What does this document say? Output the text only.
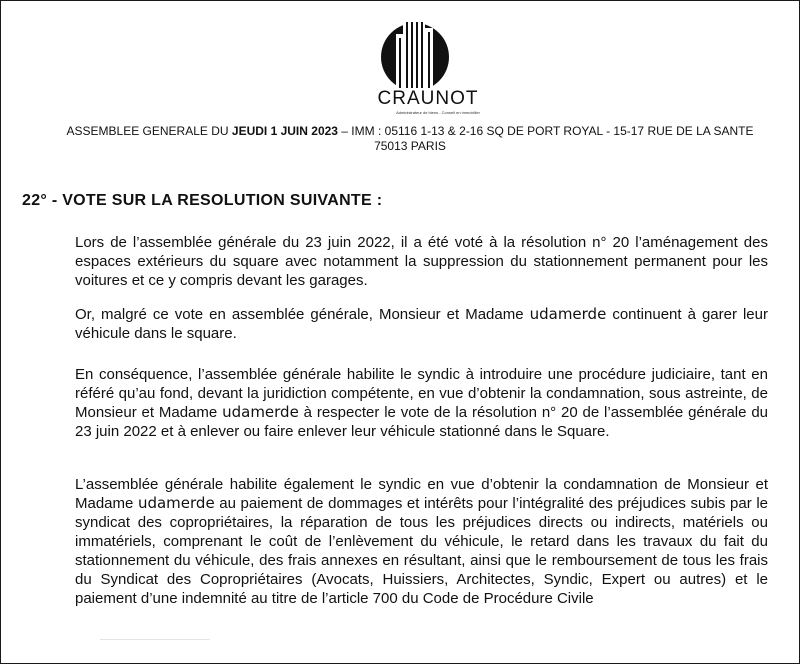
CRAUNOT
Administrateur de biens - Conseil en immobilier
ASSEMBLEE GENERALE DU JEUDI 1 JUIN 2023 – IMM : 05116 1-13 & 2-16 SQ DE PORT ROYAL - 15-17 RUE DE LA SANTE
75013 PARIS
22° - VOTE SUR LA RESOLUTION SUIVANTE :
Lors de l’assemblée générale du 23 juin 2022, il a été voté à la résolution n° 20 l’aménagement des espaces extérieurs du square avec notamment la suppression du stationnement permanent pour les voitures et ce y compris devant les garages.
Or, malgré ce vote en assemblée générale, Monsieur et Madame udamerde continuent à garer leur véhicule dans le square.
En conséquence, l’assemblée générale habilite le syndic à introduire une procédure judiciaire, tant en référé qu’au fond, devant la juridiction compétente, en vue d’obtenir la condamnation, sous astreinte, de Monsieur et Madame udamerde à respecter le vote de la résolution n° 20 de l’assemblée générale du 23 juin 2022 et à enlever ou faire enlever leur véhicule stationné dans le Square.
L’assemblée générale habilite également le syndic en vue d’obtenir la condamnation de Monsieur et Madame udamerde au paiement de dommages et intérêts pour l’intégralité des préjudices subis par le syndicat des copropriétaires, la réparation de tous les préjudices directs ou indirects, matériels ou immatériels, comprenant le coût de l’enlèvement du véhicule, le retard dans les travaux du fait du stationnement du véhicule, des frais annexes en résultant, ainsi que le remboursement de tous les frais du Syndicat des Copropriétaires (Avocats, Huissiers, Architectes, Syndic, Expert ou autres) et le paiement d’une indemnité au titre de l’article 700 du Code de Procédure Civile
